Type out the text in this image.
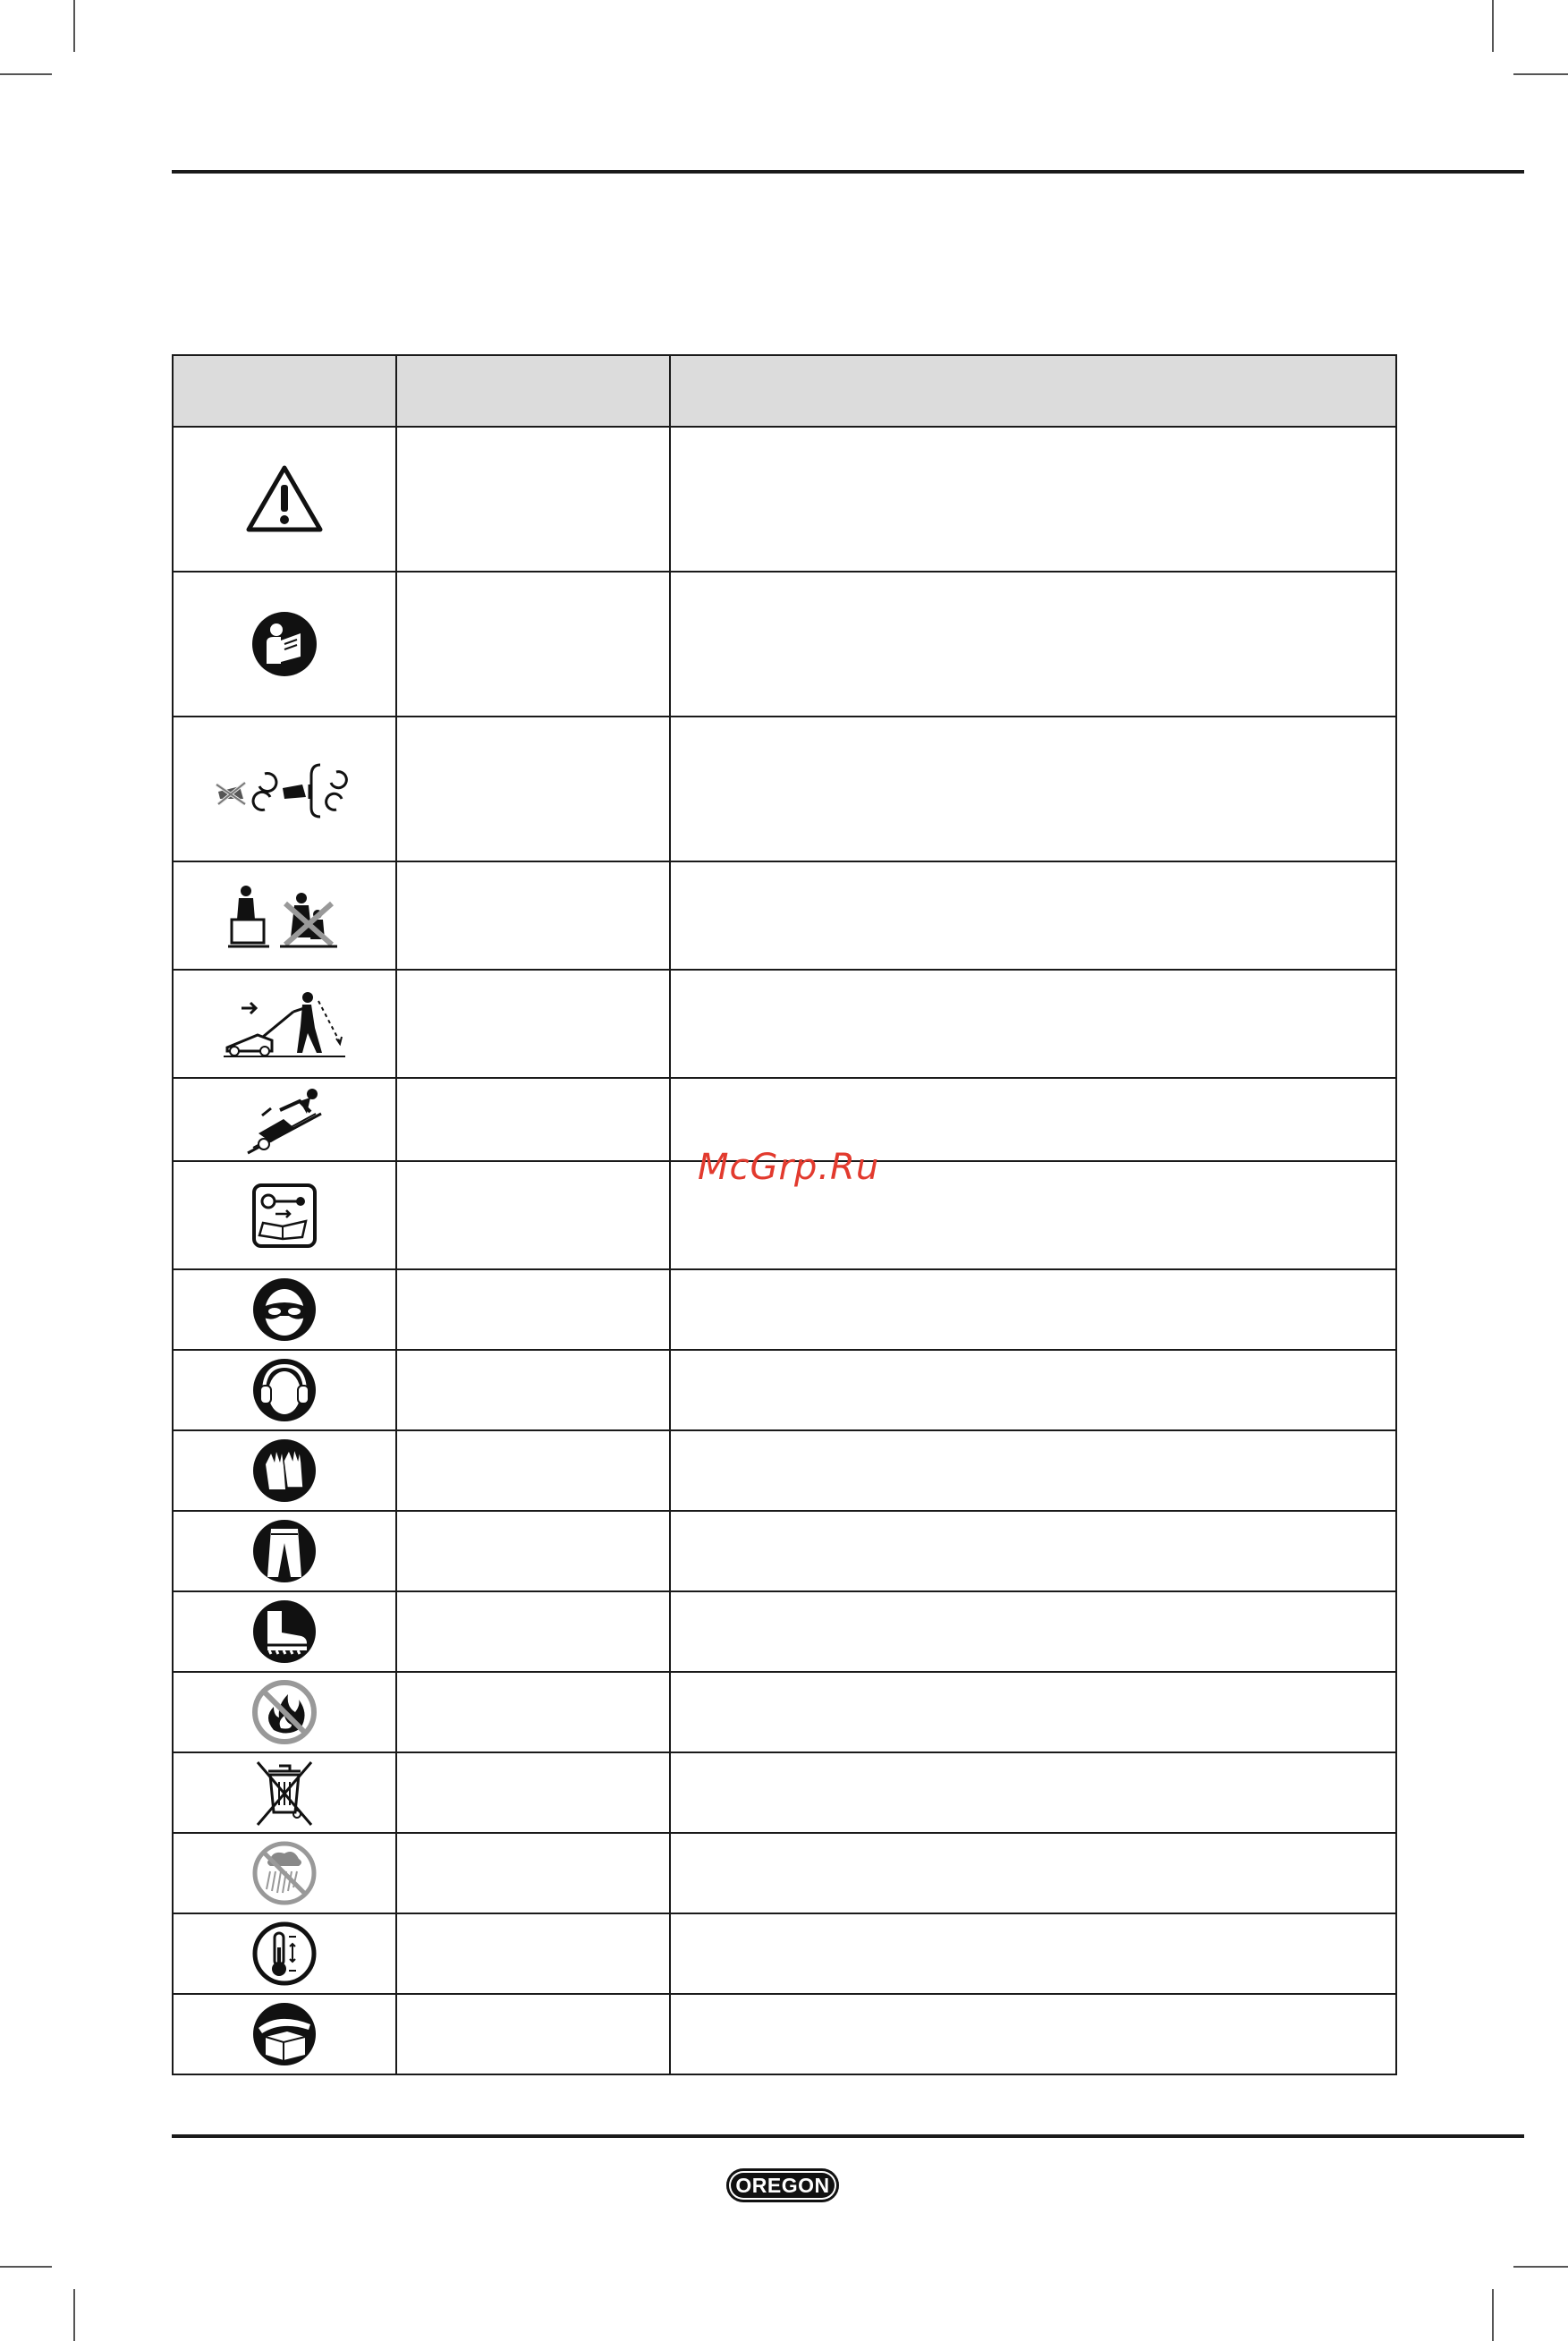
McGrp.Ru
OREGON
